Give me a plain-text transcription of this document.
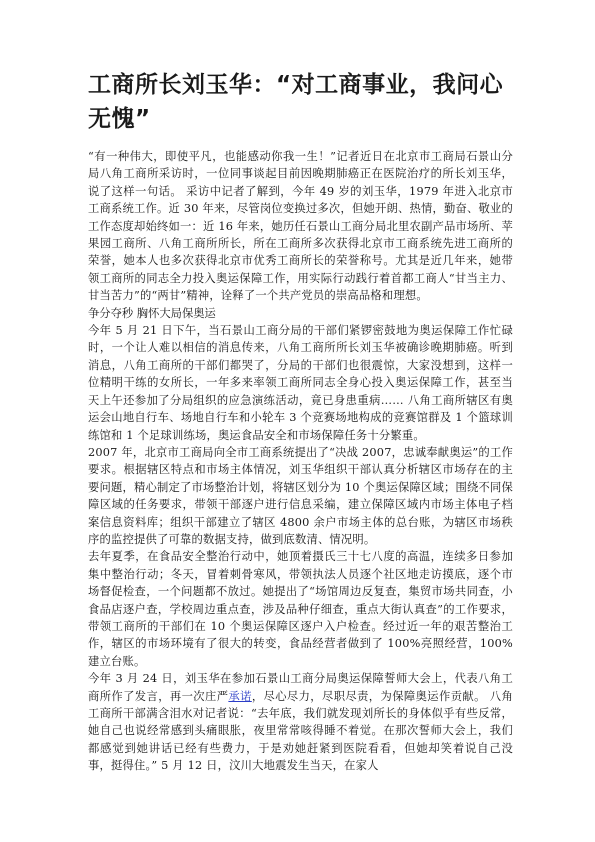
工商所长刘玉华：“对工商事业，我问心无愧”

“有一种伟大，即使平凡，也能感动你我一生！”记者近日在北京市工商局石景山分局八角工商所采访时，一位同事谈起目前因晚期肺癌正在医院治疗的所长刘玉华，说了这样一句话。 采访中记者了解到，今年 49 岁的刘玉华，1979 年进入北京市工商系统工作。近 30 年来，尽管岗位变换过多次，但她开朗、热情，勤奋、敬业的工作态度却始终如一：近 16 年来，她历任石景山工商分局北里农副产品市场所、苹果园工商所、八角工商所所长，所在工商所多次获得北京市工商系统先进工商所的荣誉，她本人也多次获得北京市优秀工商所长的荣誉称号。尤其是近几年来，她带领工商所的同志全力投入奥运保障工作，用实际行动践行着首都工商人“甘当主力、甘当苦力”的“两甘”精神，诠释了一个共产党员的崇高品格和理想。

争分夺秒 胸怀大局保奥运

今年 5 月 21 日下午，当石景山工商分局的干部们紧锣密鼓地为奥运保障工作忙碌时，一个让人难以相信的消息传来，八角工商所所长刘玉华被确诊晚期肺癌。听到消息，八角工商所的干部们都哭了，分局的干部们也很震惊，大家没想到，这样一位精明干练的女所长，一年多来率领工商所同志全身心投入奥运保障工作，甚至当天上午还参加了分局组织的应急演练活动，竟已身患重病…… 八角工商所辖区有奥运会山地自行车、场地自行车和小轮车 3 个竞赛场地构成的竞赛馆群及 1 个篮球训练馆和 1 个足球训练场，奥运食品安全和市场保障任务十分繁重。

2007 年，北京市工商局向全市工商系统提出了“决战 2007，忠诚奉献奥运”的工作要求。根据辖区特点和市场主体情况，刘玉华组织干部认真分析辖区市场存在的主要问题，精心制定了市场整治计划，将辖区划分为 10 个奥运保障区域；围绕不同保障区域的任务要求，带领干部逐户进行信息采编，建立保障区域内市场主体电子档案信息资料库；组织干部建立了辖区 4800 余户市场主体的总台账，为辖区市场秩序的监控提供了可靠的数据支持，做到底数清、情况明。

去年夏季，在食品安全整治行动中，她顶着摄氏三十七八度的高温，连续多日参加集中整治行动；冬天，冒着刺骨寒风，带领执法人员逐个社区地走访摸底，逐个市场督促检查，一个问题都不放过。她提出了“场馆周边反复查，集贸市场共同查，小食品店逐户查，学校周边重点查，涉及品种仔细查，重点大街认真查”的工作要求，带领工商所的干部们在 10 个奥运保障区逐户入户检查。经过近一年的艰苦整治工作，辖区的市场环境有了很大的转变，食品经营者做到了 100%亮照经营，100%建立台账。

今年 3 月 24 日，刘玉华在参加石景山工商分局奥运保障誓师大会上，代表八角工商所作了发言，再一次庄严承诺，尽心尽力，尽职尽责，为保障奥运作贡献。 八角工商所干部满含泪水对记者说：“去年底，我们就发现刘所长的身体似乎有些反常，她自己也说经常感到头痛眼胀，夜里常常咳得睡不着觉。在那次誓师大会上，我们都感觉到她讲话已经有些费力，于是劝她赶紧到医院看看，但她却笑着说自己没事，挺得住。” 5 月 12 日，汶川大地震发生当天，在家人
